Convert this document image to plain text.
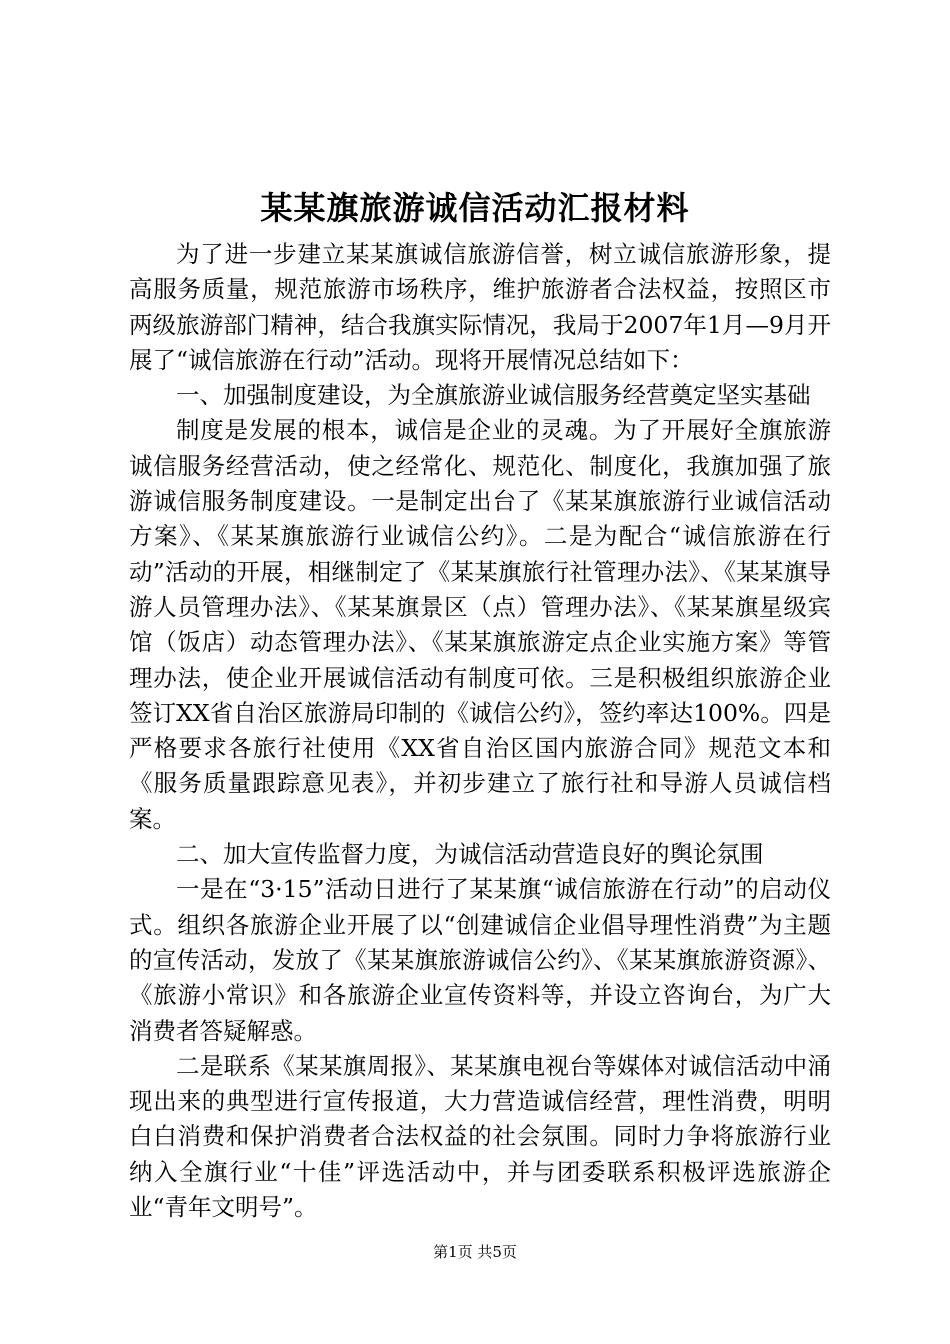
某某旗旅游诚信活动汇报材料

为了进一步建立某某旗诚信旅游信誉，树立诚信旅游形象，提高服务质量，规范旅游市场秩序，维护旅游者合法权益，按照区市两级旅游部门精神，结合我旗实际情况，我局于2007年1月—9月开展了“诚信旅游在行动”活动。现将开展情况总结如下：

一、加强制度建设，为全旗旅游业诚信服务经营奠定坚实基础

制度是发展的根本，诚信是企业的灵魂。为了开展好全旗旅游诚信服务经营活动，使之经常化、规范化、制度化，我旗加强了旅游诚信服务制度建设。一是制定出台了《某某旗旅游行业诚信活动方案》、《某某旗旅游行业诚信公约》。二是为配合“诚信旅游在行动”活动的开展，相继制定了《某某旗旅行社管理办法》、《某某旗导游人员管理办法》、《某某旗景区（点）管理办法》、《某某旗星级宾馆（饭店）动态管理办法》、《某某旗旅游定点企业实施方案》等管理办法，使企业开展诚信活动有制度可依。三是积极组织旅游企业签订XX省自治区旅游局印制的《诚信公约》，签约率达100%。四是严格要求各旅行社使用《XX省自治区国内旅游合同》规范文本和《服务质量跟踪意见表》，并初步建立了旅行社和导游人员诚信档案。

二、加大宣传监督力度，为诚信活动营造良好的舆论氛围

一是在“3·15”活动日进行了某某旗“诚信旅游在行动”的启动仪式。组织各旅游企业开展了以“创建诚信企业倡导理性消费”为主题的宣传活动，发放了《某某旗旅游诚信公约》、《某某旗旅游资源》、《旅游小常识》和各旅游企业宣传资料等，并设立咨询台，为广大消费者答疑解惑。

二是联系《某某旗周报》、某某旗电视台等媒体对诚信活动中涌现出来的典型进行宣传报道，大力营造诚信经营，理性消费，明明白白消费和保护消费者合法权益的社会氛围。同时力争将旅游行业纳入全旗行业“十佳”评选活动中，并与团委联系积极评选旅游企业“青年文明号”。

第1页 共5页
